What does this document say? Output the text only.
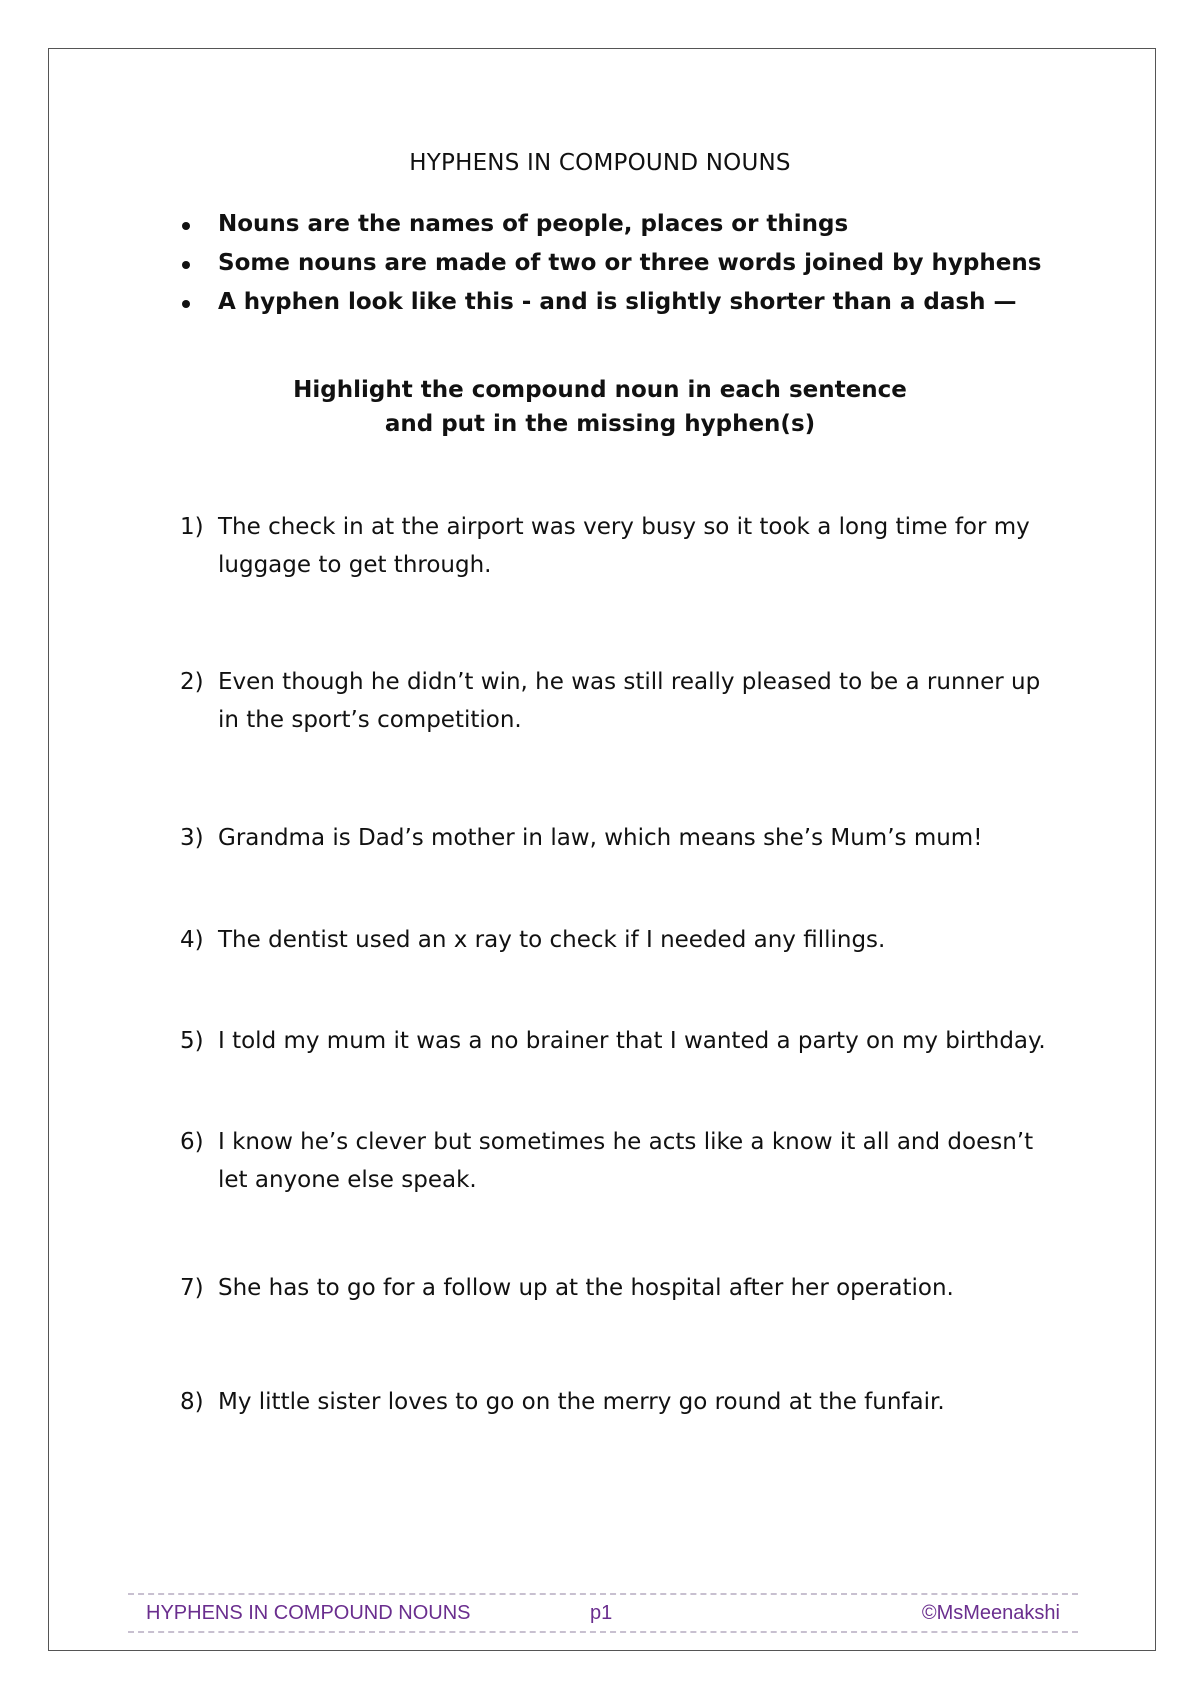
HYPHENS IN COMPOUND NOUNS
Nouns are the names of people, places or things
Some nouns are made of two or three words joined by hyphens
A hyphen look like this - and is slightly shorter than a dash —
Highlight the compound noun in each sentence
and put in the missing hyphen(s)
1) The check in at the airport was very busy so it took a long time for my luggage to get through.
2) Even though he didn’t win, he was still really pleased to be a runner up in the sport’s competition.
3) Grandma is Dad’s mother in law, which means she’s Mum’s mum!
4) The dentist used an x ray to check if I needed any fillings.
5) I told my mum it was a no brainer that I wanted a party on my birthday.
6) I know he’s clever but sometimes he acts like a know it all and doesn’t let anyone else speak.
7) She has to go for a follow up at the hospital after her operation.
8) My little sister loves to go on the merry go round at the funfair.
HYPHENS IN COMPOUND NOUNS	p1	©MsMeenakshi
